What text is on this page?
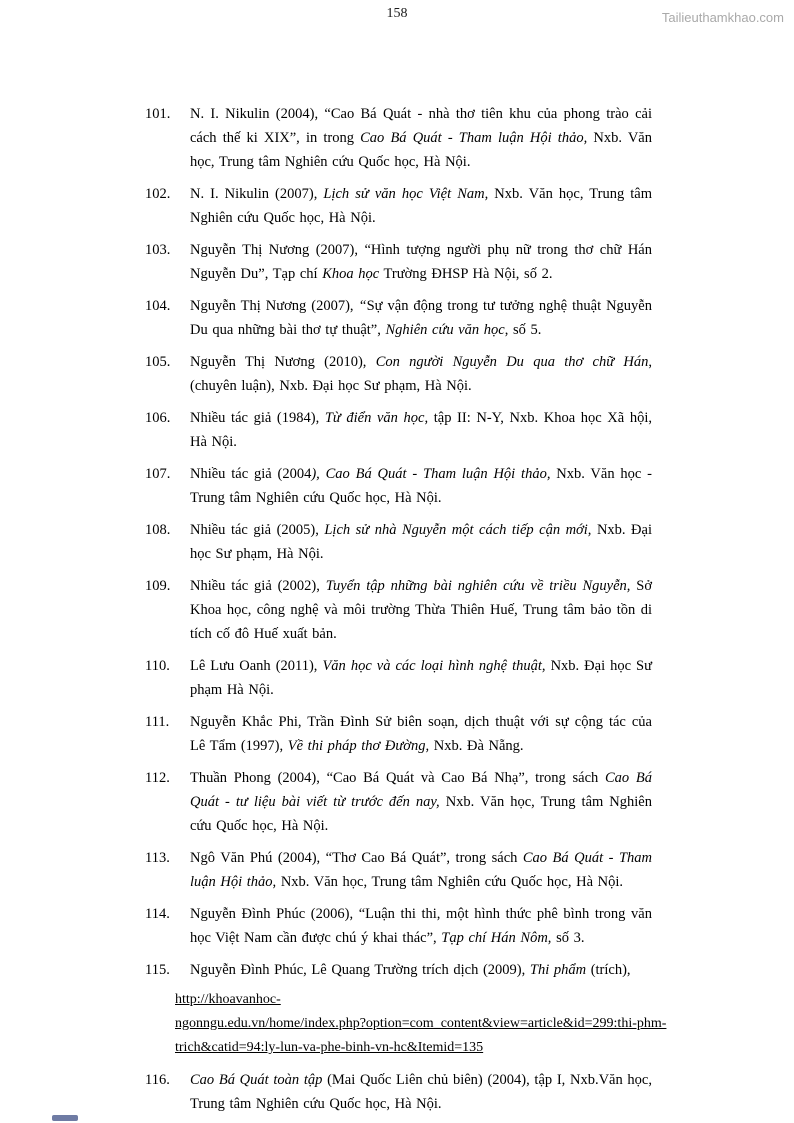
158	Tailieuthamkhao.com

101. N. I. Nikulin (2004), “Cao Bá Quát - nhà thơ tiên khu của phong trào cải cách thế ki XIX”, in trong Cao Bá Quát - Tham luận Hội thảo, Nxb. Văn học, Trung tâm Nghiên cứu Quốc học, Hà Nội.

102. N. I. Nikulin (2007), Lịch sử văn học Việt Nam, Nxb. Văn học, Trung tâm Nghiên cứu Quốc học, Hà Nội.

103. Nguyễn Thị Nương (2007), “Hình tượng người phụ nữ trong thơ chữ Hán Nguyễn Du”, Tạp chí Khoa học Trường ĐHSP Hà Nội, số 2.

104. Nguyễn Thị Nương (2007), “Sự vận động trong tư tưởng nghệ thuật Nguyễn Du qua những bài thơ tự thuật”, Nghiên cứu văn học, số 5.

105. Nguyễn Thị Nương (2010), Con người Nguyễn Du qua thơ chữ Hán, (chuyên luận), Nxb. Đại học Sư phạm, Hà Nội.

106. Nhiều tác giả (1984), Từ điển văn học, tập II: N-Y, Nxb. Khoa học Xã hội, Hà Nội.

107. Nhiều tác giả (2004), Cao Bá Quát - Tham luận Hội thảo, Nxb. Văn học - Trung tâm Nghiên cứu Quốc học, Hà Nội.

108. Nhiều tác giả (2005), Lịch sử nhà Nguyễn một cách tiếp cận mới, Nxb. Đại học Sư phạm, Hà Nội.

109. Nhiều tác giả (2002), Tuyển tập những bài nghiên cứu về triều Nguyễn, Sở Khoa học, công nghệ và môi trường Thừa Thiên Huế, Trung tâm bảo tồn di tích cố đô Huế xuất bản.

110. Lê Lưu Oanh (2011), Văn học và các loại hình nghệ thuật, Nxb. Đại học Sư phạm Hà Nội.

111. Nguyễn Khắc Phi, Trần Đình Sử biên soạn, dịch thuật với sự cộng tác của Lê Tẩm (1997), Về thi pháp thơ Đường, Nxb. Đà Nẵng.

112. Thuần Phong (2004), “Cao Bá Quát và Cao Bá Nhạ”, trong sách Cao Bá Quát - tư liệu bài viết từ trước đến nay, Nxb. Văn học, Trung tâm Nghiên cứu Quốc học, Hà Nội.

113. Ngô Văn Phú (2004), “Thơ Cao Bá Quát”, trong sách Cao Bá Quát - Tham luận Hội thảo, Nxb. Văn học, Trung tâm Nghiên cứu Quốc học, Hà Nội.

114. Nguyễn Đình Phúc (2006), “Luận thi thi, một hình thức phê bình trong văn học Việt Nam cần được chú ý khai thác”, Tạp chí Hán Nôm, số 3.

115. Nguyễn Đình Phúc, Lê Quang Trường trích dịch (2009), Thi phẩm (trích),
http://khoavanhoc-
ngonngu.edu.vn/home/index.php?option=com_content&view=article&id=299:thi-phm-
trich&catid=94:ly-lun-va-phe-binh-vn-hc&Itemid=135

116. Cao Bá Quát toàn tập (Mai Quốc Liên chủ biên) (2004), tập I, Nxb.Văn học, Trung tâm Nghiên cứu Quốc học, Hà Nội.
